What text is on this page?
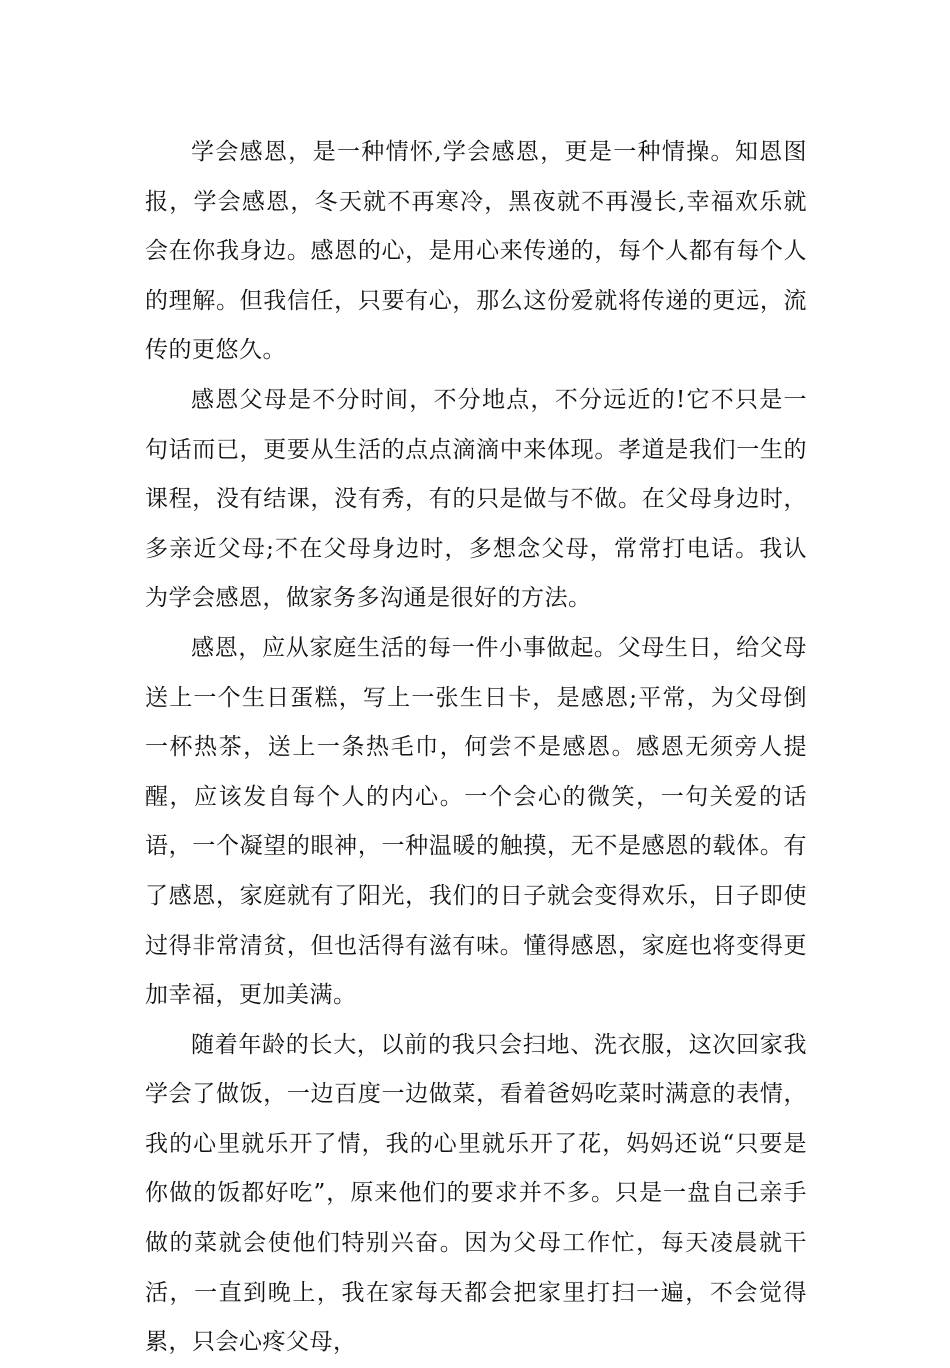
学会感恩，是一种情怀,学会感恩，更是一种情操。知恩图报，学会感恩，冬天就不再寒冷，黑夜就不再漫长,幸福欢乐就会在你我身边。感恩的心，是用心来传递的，每个人都有每个人的理解。但我信任，只要有心，那么这份爱就将传递的更远，流传的更悠久。

感恩父母是不分时间，不分地点，不分远近的!它不只是一句话而已，更要从生活的点点滴滴中来体现。孝道是我们一生的课程，没有结课，没有秀，有的只是做与不做。在父母身边时，多亲近父母;不在父母身边时，多想念父母，常常打电话。我认为学会感恩，做家务多沟通是很好的方法。

感恩，应从家庭生活的每一件小事做起。父母生日，给父母送上一个生日蛋糕，写上一张生日卡，是感恩;平常，为父母倒一杯热茶，送上一条热毛巾，何尝不是感恩。感恩无须旁人提醒，应该发自每个人的内心。一个会心的微笑，一句关爱的话语，一个凝望的眼神，一种温暖的触摸，无不是感恩的载体。有了感恩，家庭就有了阳光，我们的日子就会变得欢乐，日子即使过得非常清贫，但也活得有滋有味。懂得感恩，家庭也将变得更加幸福，更加美满。

随着年龄的长大，以前的我只会扫地、洗衣服，这次回家我学会了做饭，一边百度一边做菜，看着爸妈吃菜时满意的表情，我的心里就乐开了情，我的心里就乐开了花，妈妈还说“只要是你做的饭都好吃”，原来他们的要求并不多。只是一盘自己亲手做的菜就会使他们特别兴奋。因为父母工作忙，每天凌晨就干活，一直到晚上，我在家每天都会把家里打扫一遍，不会觉得累，只会心疼父母，
